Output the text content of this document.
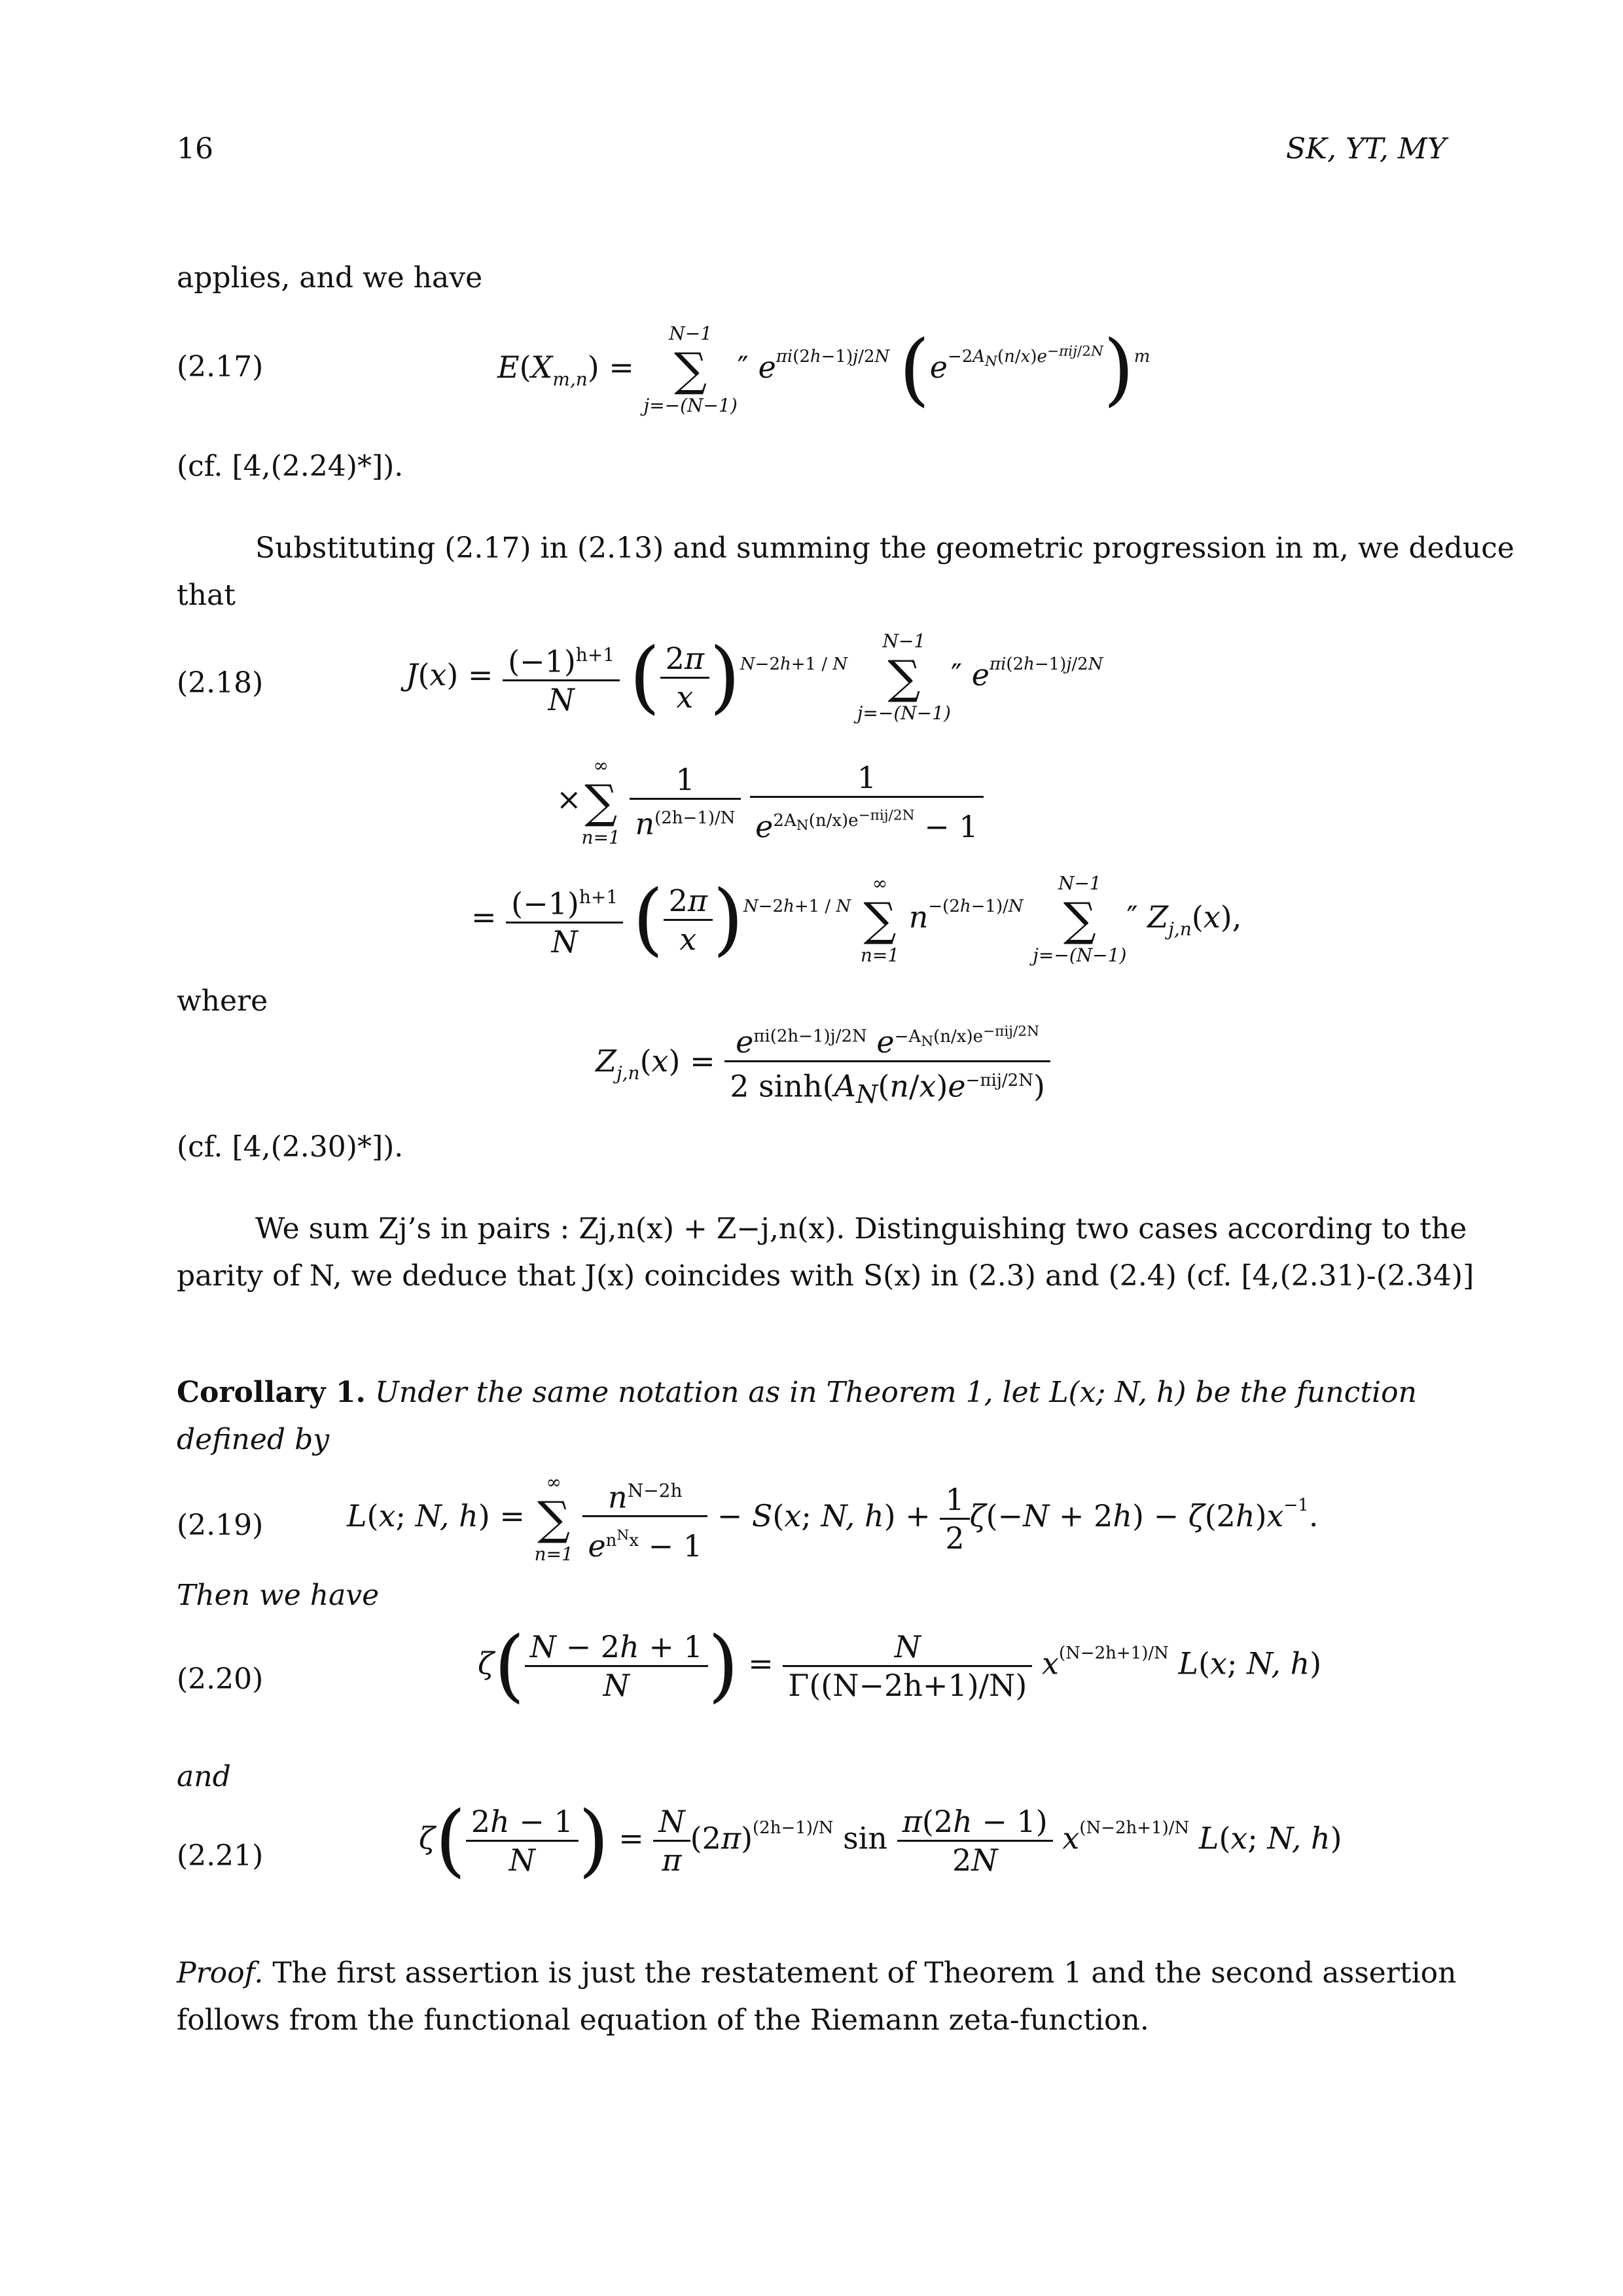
16	SK, YT, MY
applies, and we have
(2.17)	$E(X_{m,n})$ =
N−1
∑
j=−(N−1)
″ $e^{\pi i(2h-1)j/2N}$ $(e^{-2A_N(n/x)e^{-\pi ij/2N}})^m$
(cf. [4,(2.24)*]).
Substituting (2.17) in (2.13) and summing the geometric progression in m, we deduce
that
(2.18)	$J(x) = \frac{(-1)^{h+1}}{N}$ ( $\frac{2\pi}{x} )^{N-2h+1 / N}$
N−1
∑
j=−(N−1)
″ $e^{\pi i(2h-1)j/2N}$
×
∞
∑
n=1
$\frac{1}{n^{(2h-1)/N}}$
$\frac{1}{e^{2A_N(n/x)e^{-\pi ij/2N}} - 1}$
= $\frac{(-1)^{h+1}}{N}$ ( $\frac{2\pi}{x} )^{N-2h+1 / N}$
∞
∑
n=1
$n^{-(2h-1)/N}$
N−1
∑
j=−(N−1)
″ $Z_{j,n}(x)$,
where
$Z_{j,n}(x) = \frac{e^{\pi i(2h-1)j/2N} e^{-A_N(n/x)e^{-\pi ij/2N}}}{2 \sinh(A_N(n/x)e^{-\pi ij/2N})}$
(cf. [4,(2.30)*]).
We sum Zj’s in pairs : Zj,n(x) + Z−j,n(x). Distinguishing two cases according to the
parity of N, we deduce that J(x) coincides with S(x) in (2.3) and (2.4) (cf. [4,(2.31)-(2.34)]
Corollary 1. Under the same notation as in Theorem 1, let L(x; N, h) be the function
defined by
(2.19)	L(x; N, h) =
∞
∑
n=1
$\frac{n^{N-2h}}{e^{n^Nx} - 1} - S(x$; N, $h) + \frac{1}{2} \zeta(-N + 2h) - \zeta(2h)x^{-1}$.
Then we have
(2.20)	$\zeta( \frac{N - 2h + 1}{N}$ ) = $\frac{N}{\Gamma((N-2h+1)/N)} x^{(N-2h+1)/N}$ L(x; N, h)
and
(2.21)	$\zeta( \frac{2h - 1}{N}$ ) = $\frac{N}{\pi} (2\pi)^{(2h-1)/N}$ $\sin \frac{\pi(2h - 1)}{2N} x^{(N-2h+1)/N}$ L(x; N, h)
Proof. The first assertion is just the restatement of Theorem 1 and the second assertion
follows from the functional equation of the Riemann zeta-function.
